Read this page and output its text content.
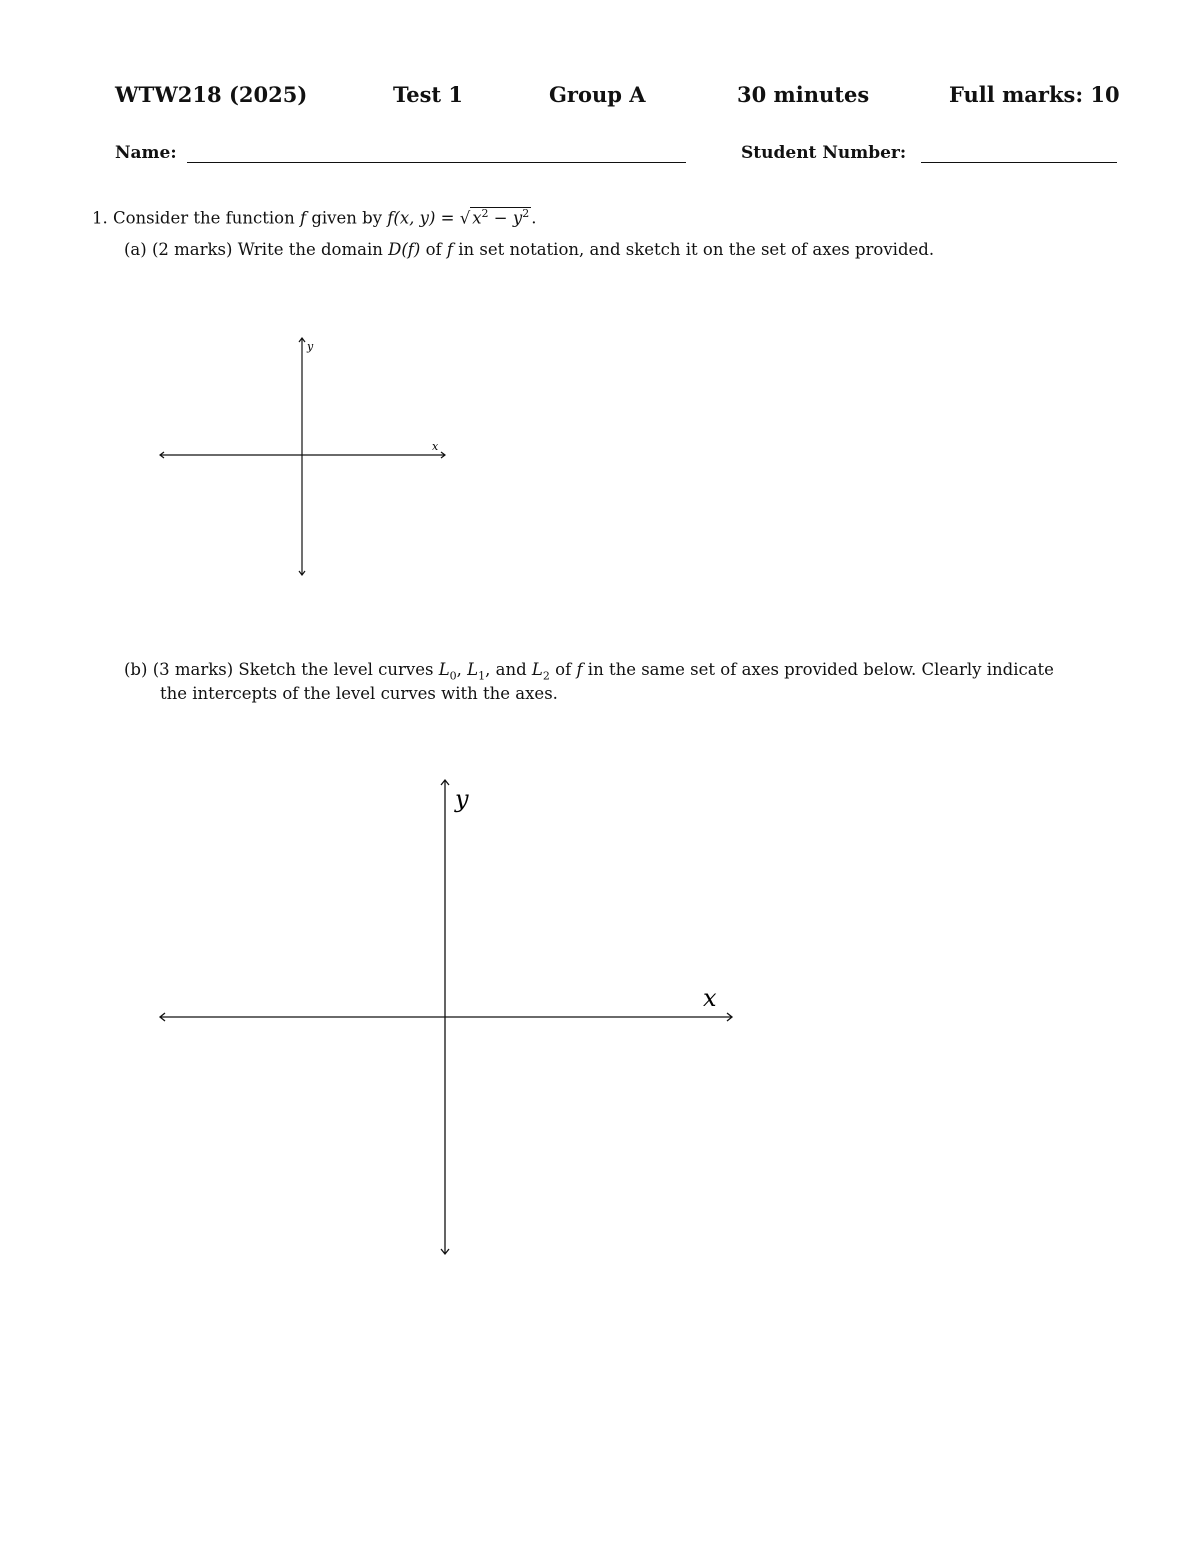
WTW218 (2025)	Test 1	Group A	30 minutes	Full marks: 10
Name:	Student Number:
1. Consider the function f given by f(x, y) = √ $x^2 - y^2$ .
(a) (2 marks) Write the domain D(f) of f in set notation, and sketch it on the set of axes provided.
x
y
(b) (3 marks) Sketch the level curves $L_0$, $L_1$, and $L_2$ of f in the same set of axes provided below. Clearly indicate
the intercepts of the level curves with the axes.
x
y
